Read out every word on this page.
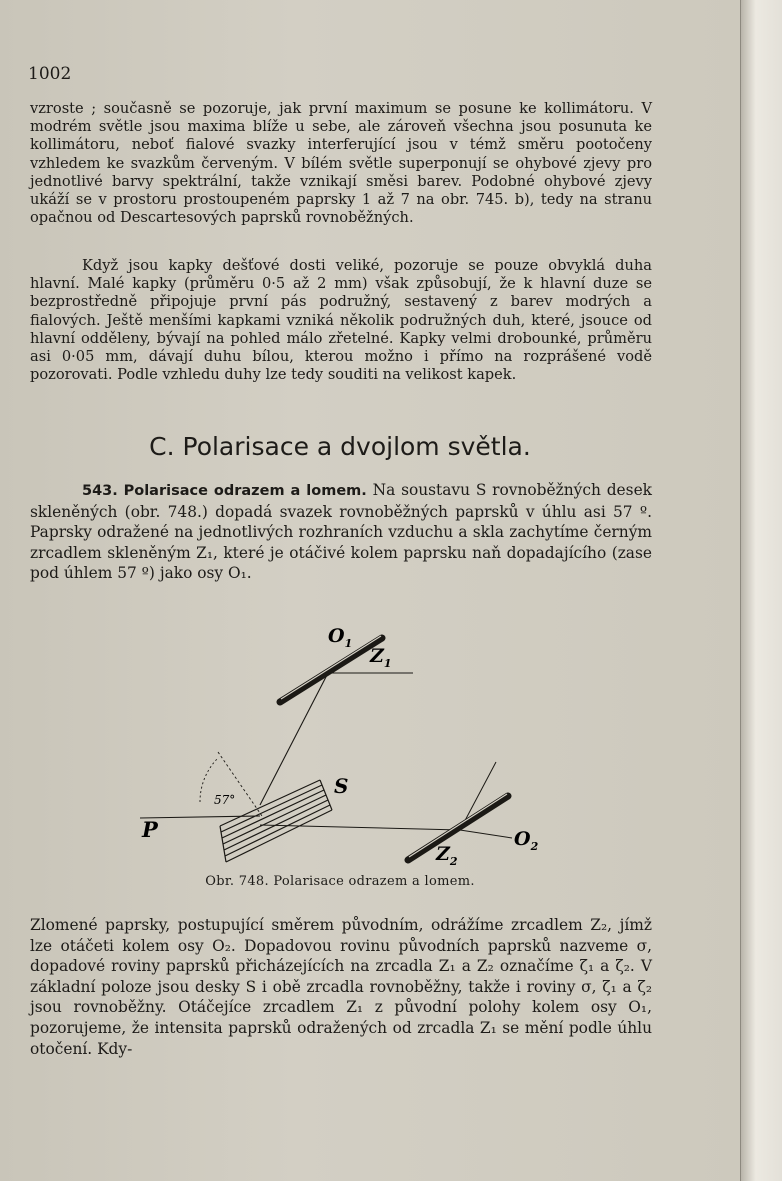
1002

vzroste ; současně se pozoruje, jak první maximum se posune ke kollimátoru. V modrém světle jsou maxima blíže u sebe, ale zároveň všechna jsou posunuta ke kollimátoru, neboť fialové svazky interferující jsou v témž směru pootočeny vzhledem ke svazkům červeným. V bílém světle superponují se ohybové zjevy pro jednotlivé barvy spektrální, takže vznikají směsi barev. Podobné ohybové zjevy ukáží se v prostoru prostoupeném paprsky 1 až 7 na obr. 745. b), tedy na stranu opačnou od Descartesových paprsků rovnoběžných.

Když jsou kapky dešťové dosti veliké, pozoruje se pouze obvyklá duha hlavní. Malé kapky (průměru 0·5 až 2 mm) však způsobují, že k hlavní duze se bezprostředně připojuje první pás podružný, sestavený z barev modrých a fialových. Ještě menšími kapkami vzniká několik podružných duh, které, jsouce od hlavní odděleny, bývají na pohled málo zřetelné. Kapky velmi drobounké, průměru asi 0·05 mm, dávají duhu bílou, kterou možno i přímo na rozprášené vodě pozorovati. Podle vzhledu duhy lze tedy souditi na velikost kapek.

C. Polarisace a dvojlom světla.

543. Polarisace odrazem a lomem. Na soustavu S rovnoběžných desek skleněných (obr. 748.) dopadá svazek rovnoběžných paprsků v úhlu asi 57 º. Paprsky odražené na jednotlivých rozhraních vzduchu a skla zachytíme černým zrcadlem skleněným Z₁, které je otáčivé kolem paprsku naň dopadajícího (zase pod úhlem 57 º) jako osy O₁.

$O_1$
$Z_1$
S
57°
P	$O_2$
$Z_2$
Obr. 748. Polarisace odrazem a lomem.

Zlomené paprsky, postupující směrem původním, odrážíme zrcadlem Z₂, jímž lze otáčeti kolem osy O₂. Dopadovou rovinu původních paprsků nazveme σ, dopadové roviny paprsků přicházejících na zrcadla Z₁ a Z₂ označíme ζ₁ a ζ₂. V základní poloze jsou desky S i obě zrcadla rovnoběžny, takže i roviny σ, ζ₁ a ζ₂ jsou rovnoběžny. Otáčejíce zrcadlem Z₁ z původní polohy kolem osy O₁, pozorujeme, že intensita paprsků odražených od zrcadla Z₁ se mění podle úhlu otočení. Kdy-
